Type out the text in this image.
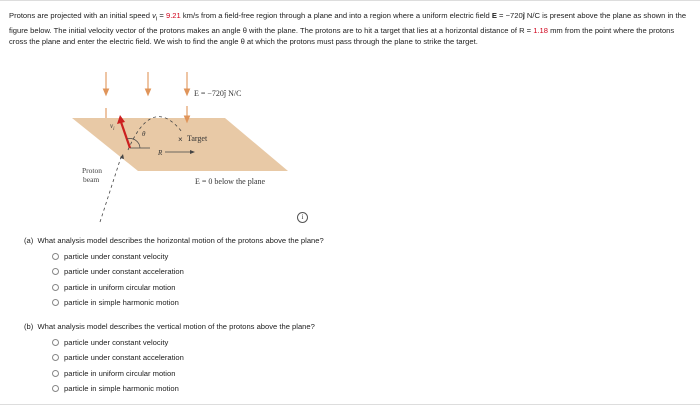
Protons are projected with an initial speed $v_i = 9.21$ km/s from a field-free region through a plane and into a region where a uniform electric field E = −720ĵ N/C is present above the plane as shown in the figure below. The initial velocity vector of the protons makes an angle θ with the plane. The protons are to hit a target that lies at a horizontal distance of R = 1.18 mm from the point where the protons cross the plane and enter the electric field. We wish to find the angle θ at which the protons must pass through the plane to strike the target.
×
E = −720ĵ N/C
Target
R
θ
$v_i$
Proton
beam	E = 0 below the plane
i
(a) What analysis model describes the horizontal motion of the protons above the plane?
particle under constant velocity
particle under constant acceleration
particle in uniform circular motion
particle in simple harmonic motion
(b) What analysis model describes the vertical motion of the protons above the plane?
particle under constant velocity
particle under constant acceleration
particle in uniform circular motion
particle in simple harmonic motion
